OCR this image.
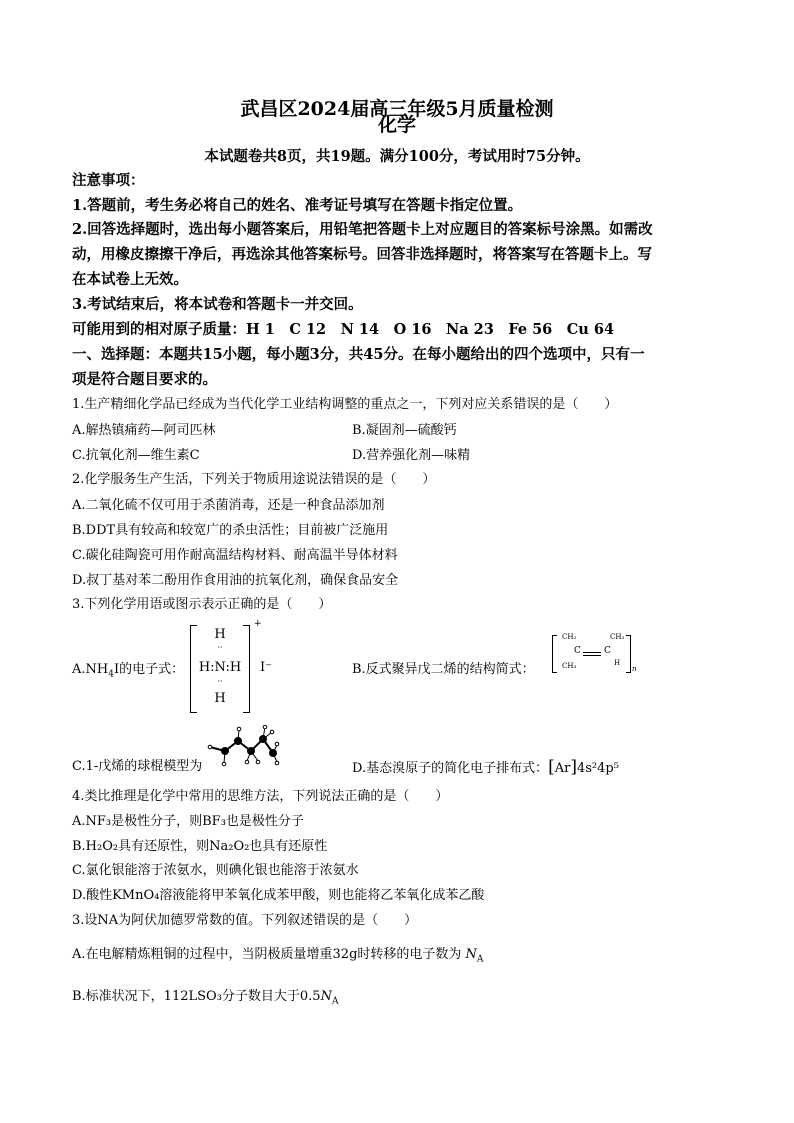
武昌区2024届高三年级5月质量检测
化学
本试题卷共8页，共19题。满分100分，考试用时75分钟。
注意事项：
1.答题前，考生务必将自己的姓名、准考证号填写在答题卡指定位置。
2.回答选择题时，选出每小题答案后，用铅笔把答题卡上对应题目的答案标号涂黑。如需改
动，用橡皮擦擦干净后，再选涂其他答案标号。回答非选择题时，将答案写在答题卡上。写
在本试卷上无效。
3.考试结束后，将本试卷和答题卡一并交回。
可能用到的相对原子质量：H 1　C 12　N 14　O 16　Na 23　Fe 56　Cu 64
一、选择题：本题共15小题，每小题3分，共45分。在每小题给出的四个选项中，只有一
项是符合题目要求的。
1.生产精细化学品已经成为当代化学工业结构调整的重点之一，下列对应关系错误的是（　　）
A.解热镇痛药—阿司匹林	B.凝固剂—硫酸钙
C.抗氧化剂—维生素C	D.营养强化剂—味精
2.化学服务生产生活，下列关于物质用途说法错误的是（　　）
A.二氧化硫不仅可用于杀菌消毒，还是一种食品添加剂
B.DDT具有较高和较宽广的杀虫活性；目前被广泛施用
C.碳化硅陶瓷可用作耐高温结构材料、耐高温半导体材料
D.叔丁基对苯二酚用作食用油的抗氧化剂，确保食品安全
3.下列化学用语或图示表示正确的是（　　）
$A.NH_4I$的电子式：
H
··
H:N:H
··
H
+
I⁻	B.反式聚异戊二烯的结构简式：
CH₂	CH₃
C	C
CH₃	H
n
C.1-戊烯的球棍模型为	D.基态溴原子的简化电子排布式：[Ar]4s²4p⁵
4.类比推理是化学中常用的思维方法，下列说法正确的是（　　）
A.NF₃是极性分子，则BF₃也是极性分子
B.H₂O₂具有还原性，则Na₂O₂也具有还原性
C.氯化银能溶于浓氨水，则碘化银也能溶于浓氨水
D.酸性KMnO₄溶液能将甲苯氧化成苯甲酸，则也能将乙苯氧化成苯乙酸
3.设NA为阿伏加德罗常数的值。下列叙述错误的是（　　）
A.在电解精炼粗铜的过程中，当阴极质量增重32g时转移的电子数为 $N_A$
B.标准状况下，112LSO₃分子数目大于$0.5N_A$
